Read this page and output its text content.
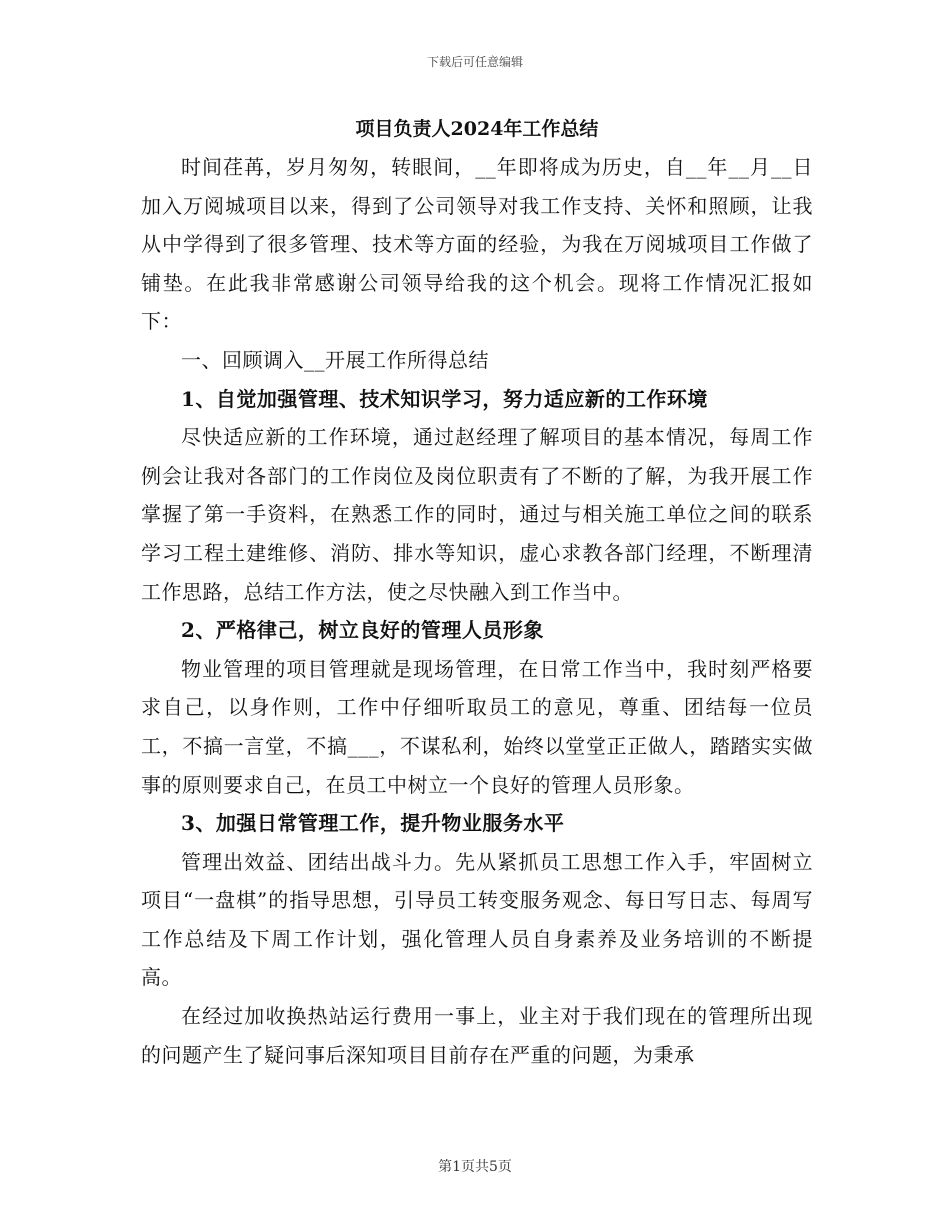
下载后可任意编辑
项目负责人2024年工作总结

时间荏苒，岁月匆匆，转眼间，__年即将成为历史，自__年__月__日加入万阅城项目以来，得到了公司领导对我工作支持、关怀和照顾，让我从中学得到了很多管理、技术等方面的经验，为我在万阅城项目工作做了铺垫。在此我非常感谢公司领导给我的这个机会。现将工作情况汇报如下：

一、回顾调入__开展工作所得总结

1、自觉加强管理、技术知识学习，努力适应新的工作环境

尽快适应新的工作环境，通过赵经理了解项目的基本情况，每周工作例会让我对各部门的工作岗位及岗位职责有了不断的了解，为我开展工作掌握了第一手资料，在熟悉工作的同时，通过与相关施工单位之间的联系学习工程土建维修、消防、排水等知识，虚心求教各部门经理，不断理清工作思路，总结工作方法，使之尽快融入到工作当中。

2、严格律己，树立良好的管理人员形象

物业管理的项目管理就是现场管理，在日常工作当中，我时刻严格要求自己，以身作则，工作中仔细听取员工的意见，尊重、团结每一位员工，不搞一言堂，不搞___，不谋私利，始终以堂堂正正做人，踏踏实实做事的原则要求自己，在员工中树立一个良好的管理人员形象。

3、加强日常管理工作，提升物业服务水平

管理出效益、团结出战斗力。先从紧抓员工思想工作入手，牢固树立项目“一盘棋”的指导思想，引导员工转变服务观念、每日写日志、每周写工作总结及下周工作计划，强化管理人员自身素养及业务培训的不断提高。

在经过加收换热站运行费用一事上，业主对于我们现在的管理所出现的问题产生了疑问事后深知项目目前存在严重的问题，为秉承

第1页共5页
